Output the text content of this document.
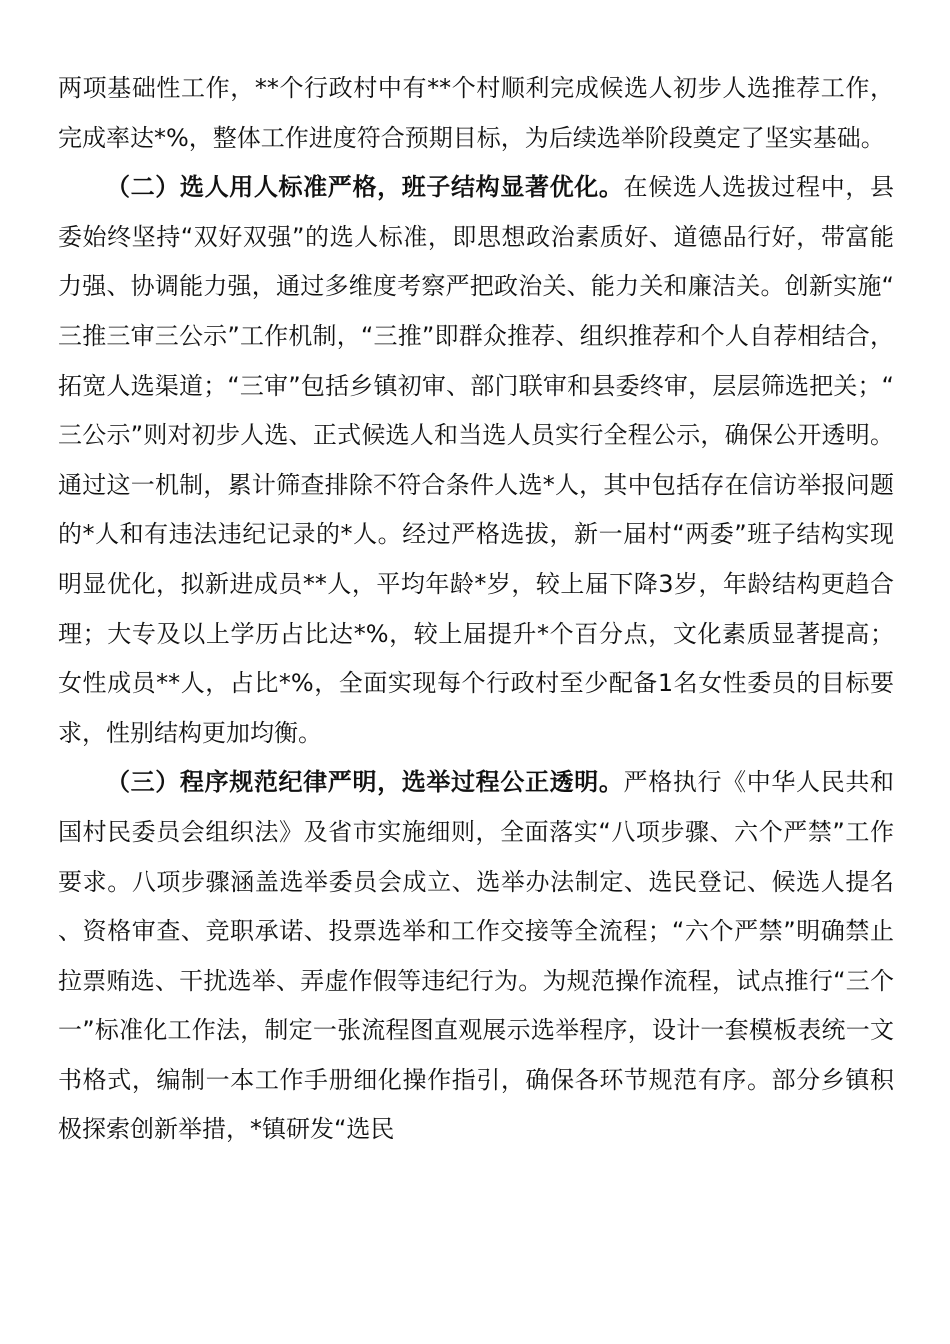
两项基础性工作，**个行政村中有**个村顺利完成候选人初步人选推荐工作，完成率达*%，整体工作进度符合预期目标，为后续选举阶段奠定了坚实基础。

（二）选人用人标准严格，班子结构显著优化。在候选人选拔过程中，县委始终坚持“双好双强”的选人标准，即思想政治素质好、道德品行好，带富能力强、协调能力强，通过多维度考察严把政治关、能力关和廉洁关。创新实施“三推三审三公示”工作机制，“三推”即群众推荐、组织推荐和个人自荐相结合，拓宽人选渠道；“三审”包括乡镇初审、部门联审和县委终审，层层筛选把关；“三公示”则对初步人选、正式候选人和当选人员实行全程公示，确保公开透明。通过这一机制，累计筛查排除不符合条件人选*人，其中包括存在信访举报问题的*人和有违法违纪记录的*人。经过严格选拔，新一届村“两委”班子结构实现明显优化，拟新进成员**人，平均年龄*岁，较上届下降3岁，年龄结构更趋合理；大专及以上学历占比达*%，较上届提升*个百分点，文化素质显著提高；女性成员**人，占比*%，全面实现每个行政村至少配备1名女性委员的目标要求，性别结构更加均衡。

（三）程序规范纪律严明，选举过程公正透明。严格执行《中华人民共和国村民委员会组织法》及省市实施细则，全面落实“八项步骤、六个严禁”工作要求。八项步骤涵盖选举委员会成立、选举办法制定、选民登记、候选人提名、资格审查、竞职承诺、投票选举和工作交接等全流程；“六个严禁”明确禁止拉票贿选、干扰选举、弄虚作假等违纪行为。为规范操作流程，试点推行“三个一”标准化工作法，制定一张流程图直观展示选举程序，设计一套模板表统一文书格式，编制一本工作手册细化操作指引，确保各环节规范有序。部分乡镇积极探索创新举措，*镇研发“选民
